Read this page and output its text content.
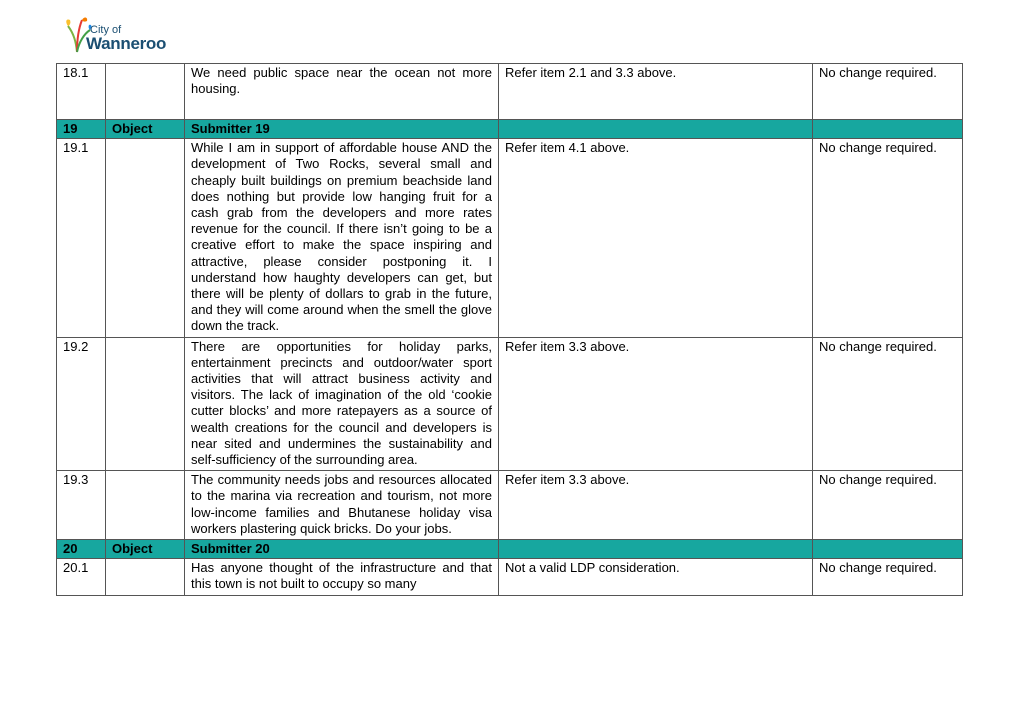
City of
Wanneroo
18.1		We need public space near the ocean not more housing.	Refer item 2.1 and 3.3 above.	No change required.
19	Object	Submitter 19		
19.1		While I am in support of affordable house AND the development of Two Rocks, several small and cheaply built buildings on premium beachside land does nothing but provide low hanging fruit for a cash grab from the developers and more rates revenue for the council. If there isn’t going to be a creative effort to make the space inspiring and attractive, please consider postponing it. I understand how haughty developers can get, but there will be plenty of dollars to grab in the future, and they will come around when the smell the glove down the track.	Refer item 4.1 above.	No change required.
19.2		There are opportunities for holiday parks, entertainment precincts and outdoor/water sport activities that will attract business activity and visitors. The lack of imagination of the old ‘cookie cutter blocks’ and more ratepayers as a source of wealth creations for the council and developers is near sited and undermines the sustainability and self-sufficiency of the surrounding area.	Refer item 3.3 above.	No change required.
19.3		The community needs jobs and resources allocated to the marina via recreation and tourism, not more low-income families and Bhutanese holiday visa workers plastering quick bricks. Do your jobs.	Refer item 3.3 above.	No change required.
20	Object	Submitter 20		
20.1		Has anyone thought of the infrastructure and that this town is not built to occupy so many	Not a valid LDP consideration.	No change required.
